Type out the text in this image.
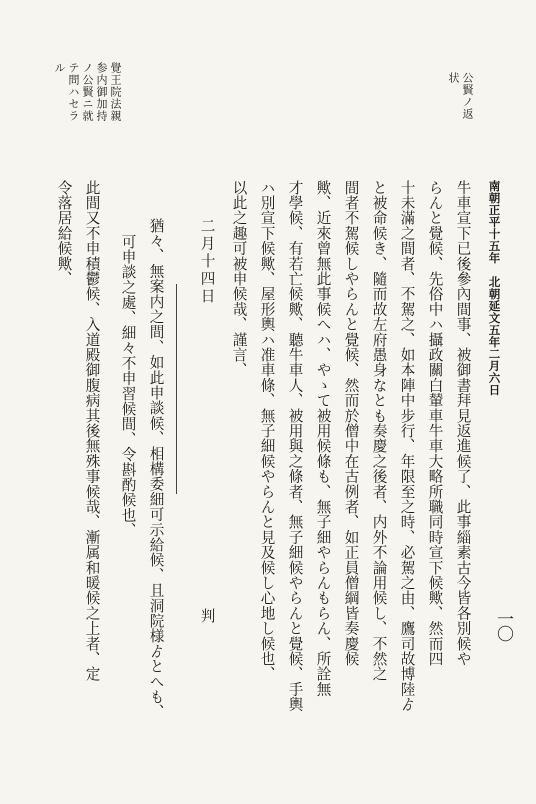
一〇
南朝正平十五年　北朝延文五年二月六日
公賢ノ返
状
牛車宣下已後參內間事、被御書拜見返進候了、此事緇素古今皆各別候や
らんと覺候、先俗中ハ攝政關白輦車牛車大略所職同時宣下候歟、然而四
十未滿之間者、不駕之、如本陣中步行、年限至之時、必駕之由、鷹司故博陸ゟ
と被命候き、隨而故左府愚身なとも奏慶之後者、内外不論用候し、不然之
間者不駕候しやらんと覺候、然而於僧中在古例者、如正員僧綱皆奏慶候
歟、近來曾無此事候へハ、やゝて被用候條も、無子細やらんもらん、所詮無
才學候、有若亡候歟、聽牛車人、被用與之條者、無子細候やらんと覺候、手輿
ハ別宣下候歟、屋形輿ハ准車條、無子細候やらんと見及候し心地し候也、
以此之趣可被申候哉、謹言、
二月十四日
判
猶々、無案内之間、如此申談候、相構委細可示給候、且洞院様ゟとへも、
可申談之處、細々不申習候間、令斟酌候也、
此間又不申積鬱候、入道殿御腹病其後無殊事候哉、漸属和暖候之上者、定
令落居給候歟、
覺王院法親
参内御加持
ノ公賢ニ就
テ問ハセラ
ル
